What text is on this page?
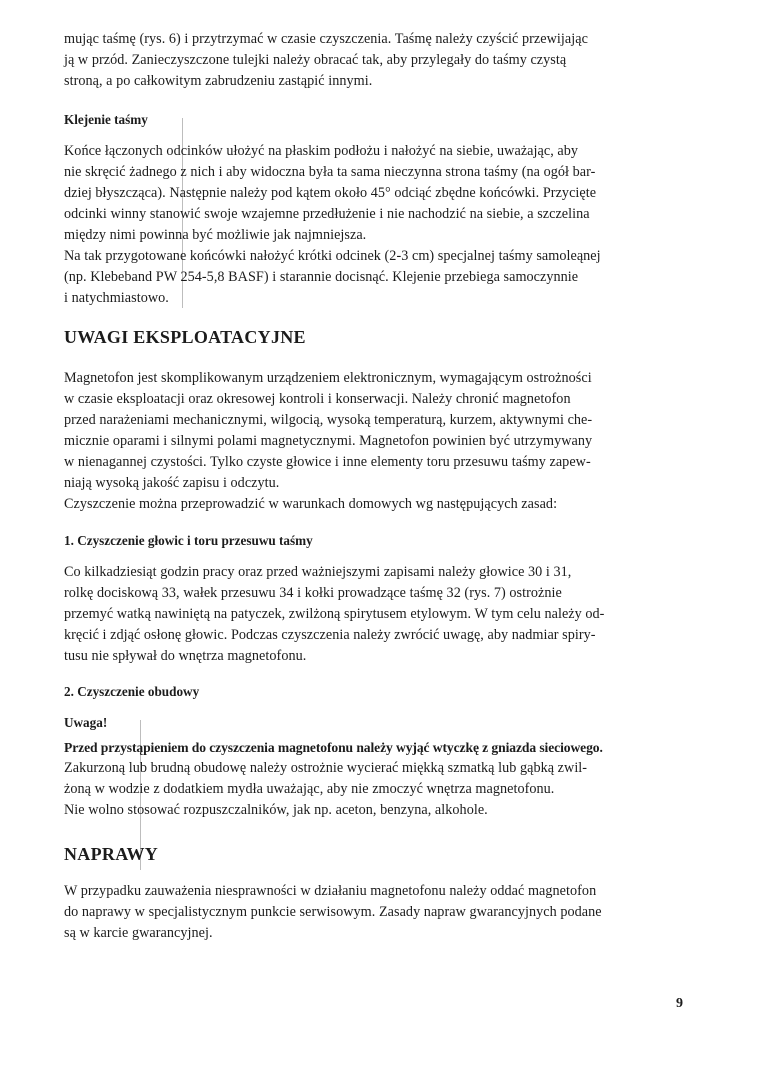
mując taśmę (rys. 6) i przytrzymać w czasie czyszczenia. Taśmę należy czyścić przewijając
ją w przód. Zanieczyszczone tulejki należy obracać tak, aby przylegały do taśmy czystą
stroną, a po całkowitym zabrudzeniu zastąpić innymi.
Klejenie taśmy
Końce łączonych odcinków ułożyć na płaskim podłożu i nałożyć na siebie, uważając, aby
nie skręcić żadnego z nich i aby widoczna była ta sama nieczynna strona taśmy (na ogół bar-
dziej błyszcząca). Następnie należy pod kątem około 45° odciąć zbędne końcówki. Przycięte
odcinki winny stanowić swoje wzajemne przedłużenie i nie nachodzić na siebie, a szczelina
między nimi powinna być możliwie jak najmniejsza.
Na tak przygotowane końcówki nałożyć krótki odcinek (2-3 cm) specjalnej taśmy samoleąnej
(np. Klebeband PW 254-5,8 BASF) i starannie docisnąć. Klejenie przebiega samoczynnie
i natychmiastowo.
UWAGI EKSPLOATACYJNE
Magnetofon jest skomplikowanym urządzeniem elektronicznym, wymagającym ostrożności
w czasie eksploatacji oraz okresowej kontroli i konserwacji. Należy chronić magnetofon
przed narażeniami mechanicznymi, wilgocią, wysoką temperaturą, kurzem, aktywnymi che-
micznie oparami i silnymi polami magnetycznymi. Magnetofon powinien być utrzymywany
w nienagannej czystości. Tylko czyste głowice i inne elementy toru przesuwu taśmy zapew-
niają wysoką jakość zapisu i odczytu.
Czyszczenie można przeprowadzić w warunkach domowych wg następujących zasad:
1. Czyszczenie głowic i toru przesuwu taśmy
Co kilkadziesiąt godzin pracy oraz przed ważniejszymi zapisami należy głowice 30 i 31,
rolkę dociskową 33, wałek przesuwu 34 i kołki prowadzące taśmę 32 (rys. 7) ostrożnie
przemyć watką nawiniętą na patyczek, zwilżoną spirytusem etylowym. W tym celu należy od-
kręcić i zdjąć osłonę głowic. Podczas czyszczenia należy zwrócić uwagę, aby nadmiar spiry-
tusu nie spływał do wnętrza magnetofonu.
2. Czyszczenie obudowy
Uwaga!
Przed przystąpieniem do czyszczenia magnetofonu należy wyjąć wtyczkę z gniazda sieciowego.
Zakurzoną lub brudną obudowę należy ostrożnie wycierać miękką szmatką lub gąbką zwil-
żoną w wodzie z dodatkiem mydła uważając, aby nie zmoczyć wnętrza magnetofonu.
Nie wolno stosować rozpuszczalników, jak np. aceton, benzyna, alkohole.
NAPRAWY
W przypadku zauważenia niesprawności w działaniu magnetofonu należy oddać magnetofon
do naprawy w specjalistycznym punkcie serwisowym. Zasady napraw gwarancyjnych podane
są w karcie gwarancyjnej.
9
